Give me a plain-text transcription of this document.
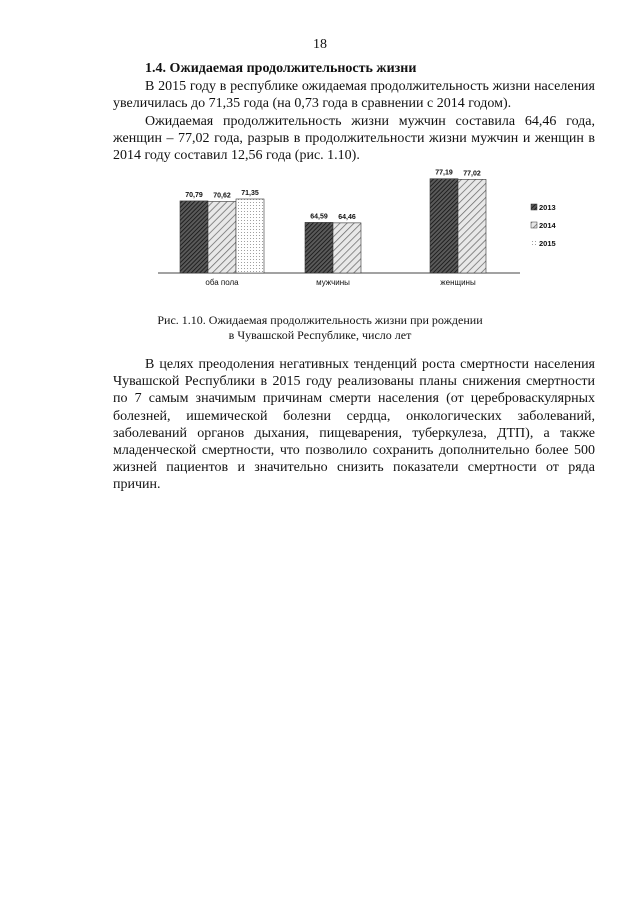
18
1.4. Ожидаемая продолжительность жизни
В 2015 году в республике ожидаемая продолжительность жизни населения увеличилась до 71,35 года (на 0,73 года в сравнении с 2014 годом).
Ожидаемая продолжительность жизни мужчин составила 64,46 года, женщин – 77,02 года, разрыв в продолжительности жизни мужчин и женщин в 2014 году составил 12,56 года (рис. 1.10).
70,79 70,62 71,35
оба пола
64,59 64,46
мужчины
77,19 77,02
женщины
2013
2014
2015
Рис. 1.10. Ожидаемая продолжительность жизни при рождении
в Чувашской Республике, число лет
В целях преодоления негативных тенденций роста смертности населения Чувашской Республики в 2015 году реализованы планы снижения смертности по 7 самым значимым причинам смерти населения (от цереброваскулярных болезней, ишемической болезни сердца, онкологических заболеваний, заболеваний органов дыхания, пищеварения, туберкулеза, ДТП), а также младенческой смертности, что позволило сохранить дополнительно более 500 жизней пациентов и значительно снизить показатели смертности от ряда причин.
